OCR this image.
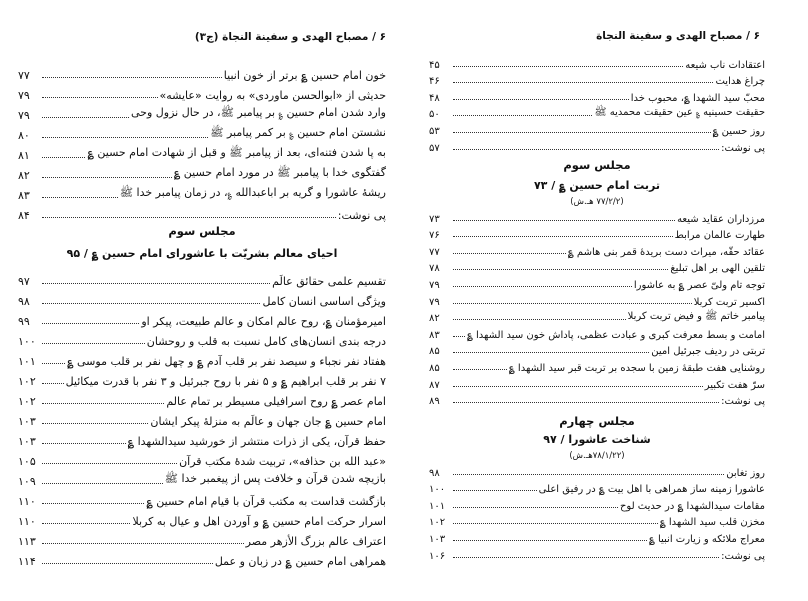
۶ / مصباح الهدی و سفینة النجاة (ج۳)
خون امام حسین ؏ برتر از خون انبیا
۷۷
حدیثی از «ابوالحسن ماوردی» به روایت «عایشه»
۷۹
وارد شدن امام حسین ؏ بر پیامبر ﷺ، در حال نزول وحی
۷۹
نشستن امام حسین ؏ بر کمر پیامبر ﷺ
۸۰
به پا شدن فتنه‌ای، بعد از پیامبر ﷺ و قبل از شهادت امام حسین ؏
۸۱
گفتگوی خدا با پیامبر ﷺ در مورد امام حسین ؏
۸۲
ریشهٔ عاشورا و گریه بر اباعبدالله ؏، در زمان پیامبر خدا ﷺ
۸۳
پی نوشت:
۸۴
مجلس سوم
احیای معالم بشریّت با عاشورای امام حسین ؏ / ۹۵
تقسیم علمی حقائق عالَم
۹۷
ویژگی اساسی انسان کامل
۹۸
امیرمؤمنان ؏، روح عالم امکان و عالم طبیعت، پیکر او
۹۹
درجه بندی انسان‌های کامل نسبت به قلب و روحشان
۱۰۰
هفتاد نفر نجباء و سیصد نفر بر قلب آدم ؏ و چهل نفر بر قلب موسی ؏
۱۰۱
۷ نفر بر قلب ابراهیم ؏ و ۵ نفر با روح جبرئیل و ۳ نفر با قدرت میکائیل
۱۰۲
امام عصر ؏ روح اسرافیلی مسیطر بر تمام عالم
۱۰۲
امام حسین ؏ جان جهان و عالَم به منزلهٔ پیکر ایشان
۱۰۳
حفظ قرآن، یکی از ذرات منتشر از خورشید سیدالشهدا ؏
۱۰۳
«عبد الله بن حذافه»، تربیت شدهٔ مکتب قرآن
۱۰۵
بازیچه شدن قرآن و خلافت پس از پیغمبر خدا ﷺ
۱۰۹
بازگشت قداست به مکتب قرآن با قیام امام حسین ؏
۱۱۰
اسرار حرکت امام حسین ؏ و آوردن اهل و عیال به کربلا
۱۱۰
اعتراف عالم بزرگ الأزهر مصر
۱۱۳
همراهی امام حسین ؏ در زبان و عمل
۱۱۴
۶ / مصباح الهدی و سفینة النجاة
اعتقادات ناب شیعه
۴۵
چراغ هدایت
۴۶
محبّ سید الشهدا ؏، محبوب خدا
۴۸
حقیقت حسینیه ؏ عین حقیقت محمدیه ﷺ
۵۰
روز حسین ؏
۵۳
پی نوشت:
۵۷
مجلس سوم
تربت امام حسین ؏ / ۷۳
(۷۷/۲/۲ هـ.ش)
مرزداران عقاید شیعه
۷۳
طهارت عالمان مرابط
۷۶
عقائد حقّه، میراث دست بریدهٔ قمر بنی هاشم ؏
۷۷
تلقین الهی بر اهل تبلیغ
۷۸
توجه تام ولیّ عصر ؏ به عاشورا
۷۹
اکسیر تربت کربلا
۷۹
پیامبر خاتم ﷺ و فیض تربت کربلا
۸۲
امامت و بسط معرفت کبری و عبادت عظمی، پاداش خون سید الشهدا ؏
۸۳
تربتی در ردیف جبرئیل امین
۸۵
روشنایی هفت طبقهٔ زمین با سجده بر تربت قبر سید الشهدا ؏
۸۵
سرّ هفت تکبیر
۸۷
پی نوشت:
۸۹
مجلس چهارم
شناخت عاشورا / ۹۷
(۷۸/۱/۲۲هـ.ش)
روز تغابن
۹۸
عاشورا زمینه ساز همراهی با اهل بیت ؏ در رفیق اعلی
۱۰۰
مقامات سیدالشهدا ؏ در حدیث لوح
۱۰۱
مخزن قلب سید الشهدا ؏
۱۰۲
معراج ملائکه و زیارت انبیا ؏
۱۰۳
پی نوشت:
۱۰۶
